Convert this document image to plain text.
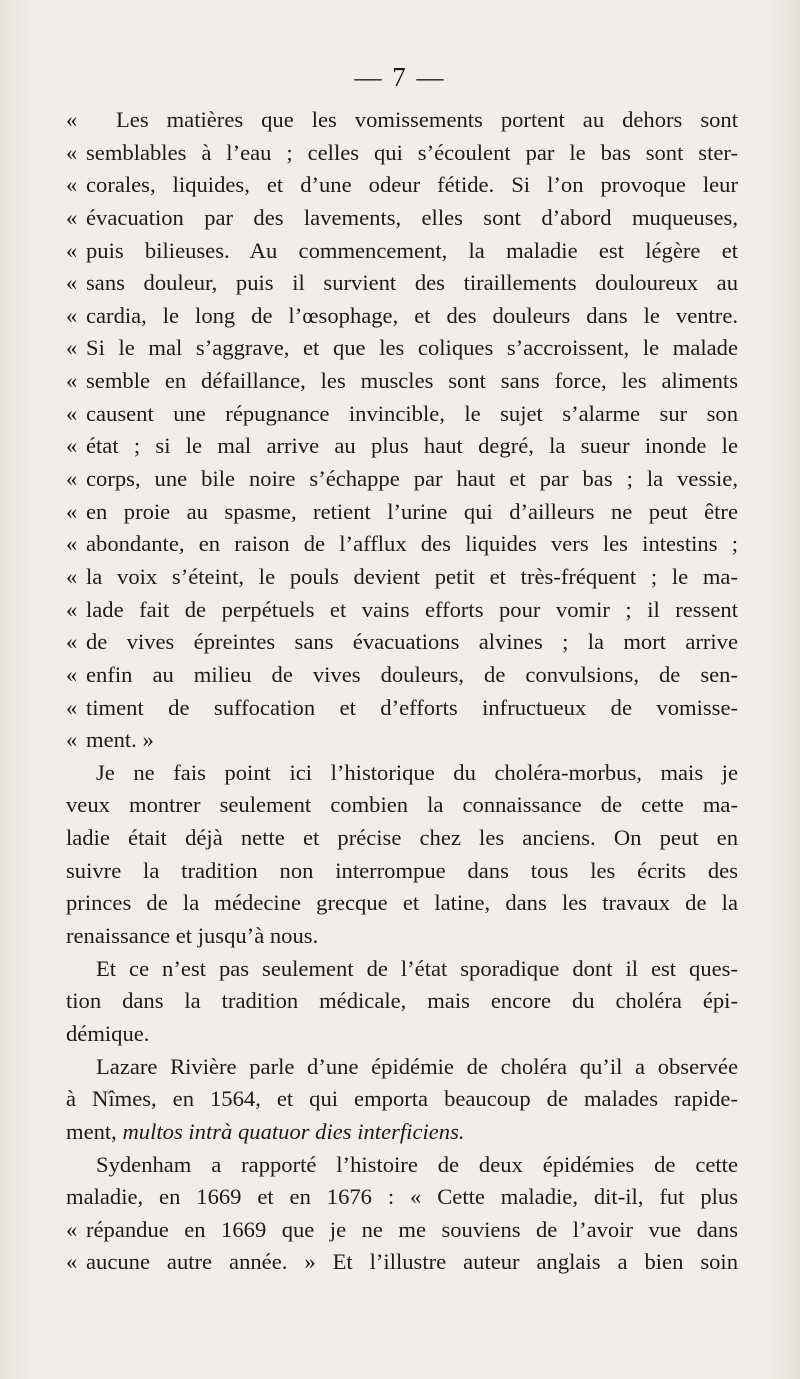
— 7 —
« Les matières que les vomissements portent au dehors sont
« semblables à l’eau ; celles qui s’écoulent par le bas sont ster-
« corales, liquides, et d’une odeur fétide. Si l’on provoque leur
« évacuation par des lavements, elles sont d’abord muqueuses,
« puis bilieuses. Au commencement, la maladie est légère et
« sans douleur, puis il survient des tiraillements douloureux au
« cardia, le long de l’œsophage, et des douleurs dans le ventre.
« Si le mal s’aggrave, et que les coliques s’accroissent, le malade
« semble en défaillance, les muscles sont sans force, les aliments
« causent une répugnance invincible, le sujet s’alarme sur son
« état ; si le mal arrive au plus haut degré, la sueur inonde le
« corps, une bile noire s’échappe par haut et par bas ; la vessie,
« en proie au spasme, retient l’urine qui d’ailleurs ne peut être
« abondante, en raison de l’afflux des liquides vers les intestins ;
« la voix s’éteint, le pouls devient petit et très-fréquent ; le ma-
« lade fait de perpétuels et vains efforts pour vomir ; il ressent
« de vives épreintes sans évacuations alvines ; la mort arrive
« enfin au milieu de vives douleurs, de convulsions, de sen-
« timent de suffocation et d’efforts infructueux de vomisse-
« ment. »
Je ne fais point ici l’historique du choléra-morbus, mais je
veux montrer seulement combien la connaissance de cette ma-
ladie était déjà nette et précise chez les anciens. On peut en
suivre la tradition non interrompue dans tous les écrits des
princes de la médecine grecque et latine, dans les travaux de la
renaissance et jusqu’à nous.
Et ce n’est pas seulement de l’état sporadique dont il est ques-
tion dans la tradition médicale, mais encore du choléra épi-
démique.
Lazare Rivière parle d’une épidémie de choléra qu’il a observée
à Nîmes, en 1564, et qui emporta beaucoup de malades rapide-
ment, multos intrà quatuor dies interficiens.
Sydenham a rapporté l’histoire de deux épidémies de cette
maladie, en 1669 et en 1676 : « Cette maladie, dit-il, fut plus
« répandue en 1669 que je ne me souviens de l’avoir vue dans
« aucune autre année. » Et l’illustre auteur anglais a bien soin
